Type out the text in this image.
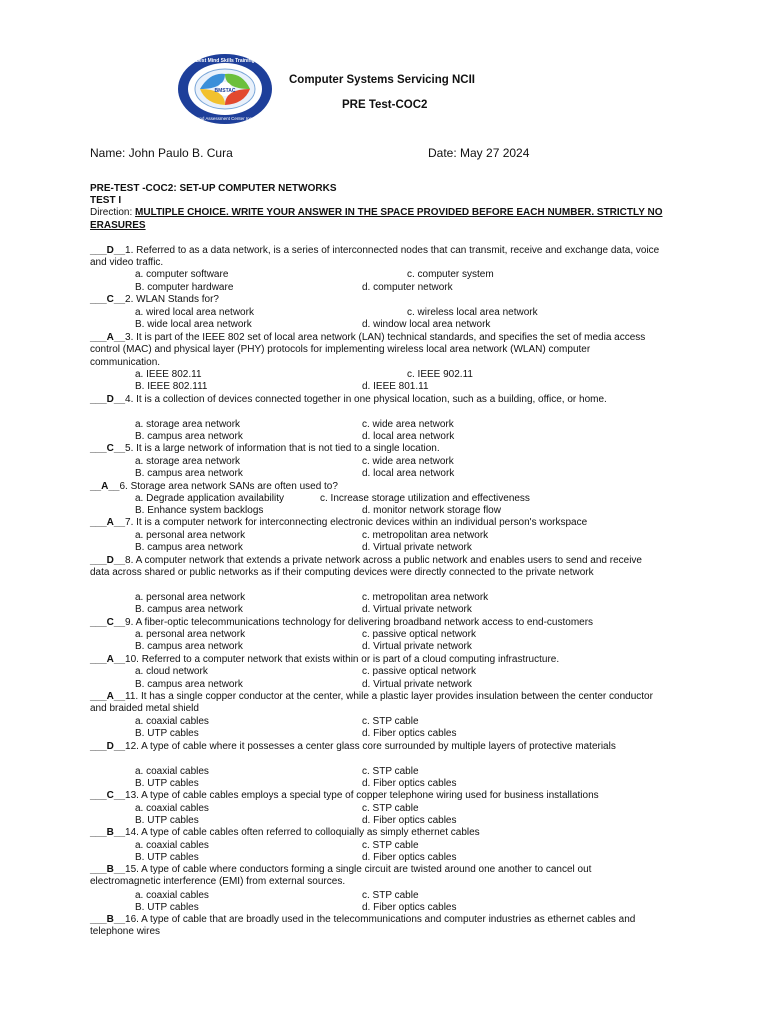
BMSTAC
Best Mind Skills Training
and Assessment Center Inc.
Computer Systems Servicing NCII
PRE Test-COC2
Name: John Paulo B. Cura	Date: May 27 2024
PRE-TEST -COC2: SET-UP COMPUTER NETWORKS
TEST I
Direction: MULTIPLE CHOICE. WRITE YOUR ANSWER IN THE SPACE PROVIDED BEFORE EACH NUMBER. STRICTLY NO ERASURES
___D__1. Referred to as a data network, is a series of interconnected nodes that can transmit, receive and exchange data, voice and video traffic.
a. computer software	c. computer system
B. computer hardware	d. computer network
___C__2. WLAN Stands for?
a. wired local area network	c. wireless local area network
B. wide local area network	d. window local area network
___A__3. It is part of the IEEE 802 set of local area network (LAN) technical standards, and specifies the set of media access control (MAC) and physical layer (PHY) protocols for implementing wireless local area network (WLAN) computer communication.
a. IEEE 802.11	c. IEEE 902.11
B. IEEE 802.111	d. IEEE 801.11
___D__4. It is a collection of devices connected together in one physical location, such as a building, office, or home.
a. storage area network	c. wide area network
B. campus area network	d. local area network
___C__5. It is a large network of information that is not tied to a single location.
a. storage area network	c. wide area network
B. campus area network	d. local area network
__A__6. Storage area network SANs are often used to?
a. Degrade application availability	c. Increase storage utilization and effectiveness
B. Enhance system backlogs	d. monitor network storage flow
___A__7. It is a computer network for interconnecting electronic devices within an individual person's workspace
a. personal area network	c. metropolitan area network
B. campus area network	d. Virtual private network
___D__8. A computer network that extends a private network across a public network and enables users to send and receive data across shared or public networks as if their computing devices were directly connected to the private network
a. personal area network	c. metropolitan area network
B. campus area network	d. Virtual private network
___C__9. A fiber-optic telecommunications technology for delivering broadband network access to end-customers
a. personal area network	c. passive optical network
B. campus area network	d. Virtual private network
___A__10. Referred to a computer network that exists within or is part of a cloud computing infrastructure.
a. cloud network	c. passive optical network
B. campus area network	d. Virtual private network
___A__11. It has a single copper conductor at the center, while a plastic layer provides insulation between the center conductor and braided metal shield
a. coaxial cables	c. STP cable
B. UTP cables	d. Fiber optics cables
___D__12. A type of cable where it possesses a center glass core surrounded by multiple layers of protective materials
a. coaxial cables	c. STP cable
B. UTP cables	d. Fiber optics cables
___C__13. A type of cable cables employs a special type of copper telephone wiring used for business installations
a. coaxial cables	c. STP cable
B. UTP cables	d. Fiber optics cables
___B__14. A type of cable cables often referred to colloquially as simply ethernet cables
a. coaxial cables	c. STP cable
B. UTP cables	d. Fiber optics cables
___B__15. A type of cable where conductors forming a single circuit are twisted around one another to cancel out electromagnetic interference (EMI) from external sources.
a. coaxial cables	c. STP cable
B. UTP cables	d. Fiber optics cables
___B__16. A type of cable that are broadly used in the telecommunications and computer industries as ethernet cables and telephone wires
